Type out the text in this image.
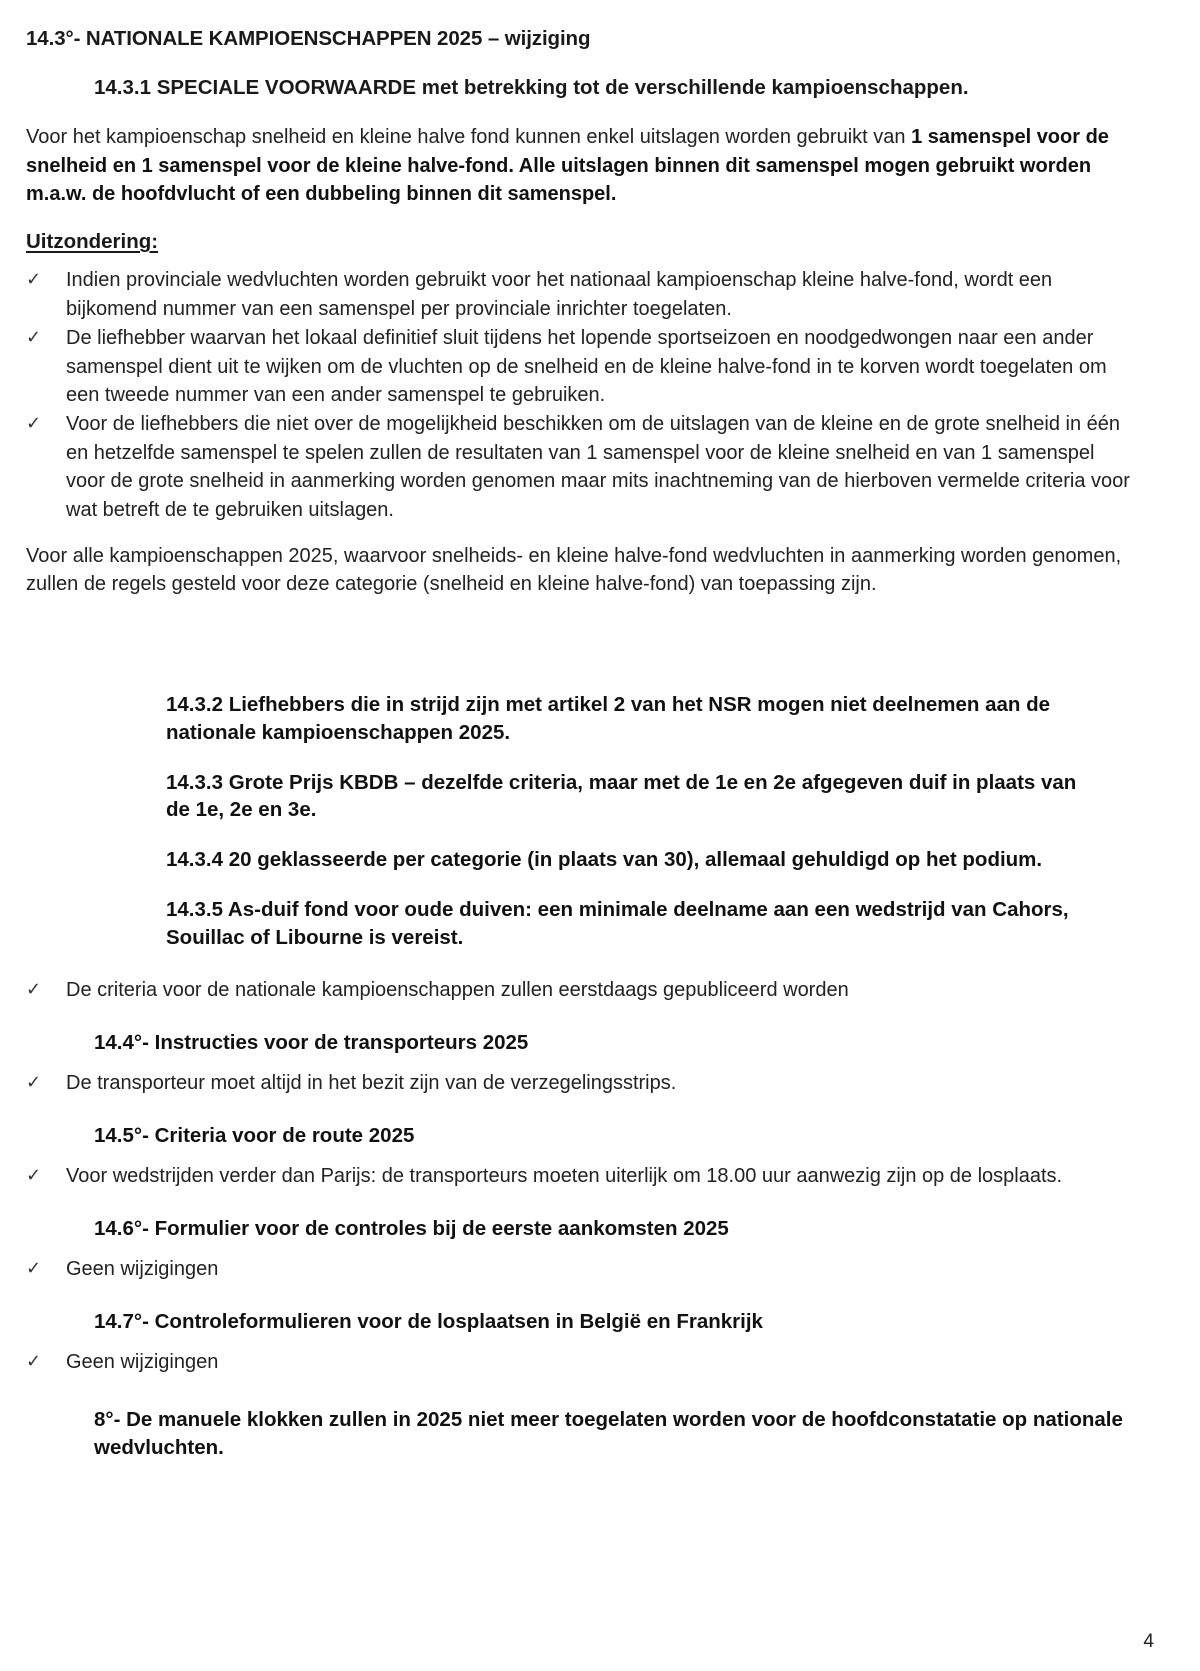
14.3°- NATIONALE KAMPIOENSCHAPPEN 2025 – wijziging
14.3.1 SPECIALE VOORWAARDE met betrekking tot de verschillende kampioenschappen.

Voor het kampioenschap snelheid en kleine halve fond kunnen enkel uitslagen worden gebruikt van 1 samenspel voor de snelheid en 1 samenspel voor de kleine halve-fond. Alle uitslagen binnen dit samenspel mogen gebruikt worden m.a.w. de hoofdvlucht of een dubbeling binnen dit samenspel.

Uitzondering:

✓ Indien provinciale wedvluchten worden gebruikt voor het nationaal kampioenschap kleine halve-fond, wordt een bijkomend nummer van een samenspel per provinciale inrichter toegelaten.
✓ De liefhebber waarvan het lokaal definitief sluit tijdens het lopende sportseizoen en noodgedwongen naar een ander samenspel dient uit te wijken om de vluchten op de snelheid en de kleine halve-fond in te korven wordt toegelaten om een tweede nummer van een ander samenspel te gebruiken.
✓ Voor de liefhebbers die niet over de mogelijkheid beschikken om de uitslagen van de kleine en de grote snelheid in één en hetzelfde samenspel te spelen zullen de resultaten van 1 samenspel voor de kleine snelheid en van 1 samenspel voor de grote snelheid in aanmerking worden genomen maar mits inachtneming van de hierboven vermelde criteria voor wat betreft de te gebruiken uitslagen.

Voor alle kampioenschappen 2025, waarvoor snelheids- en kleine halve-fond wedvluchten in aanmerking worden genomen, zullen de regels gesteld voor deze categorie (snelheid en kleine halve-fond) van toepassing zijn.

14.3.2 Liefhebbers die in strijd zijn met artikel 2 van het NSR mogen niet deelnemen aan de nationale kampioenschappen 2025.

14.3.3 Grote Prijs KBDB – dezelfde criteria, maar met de 1e en 2e afgegeven duif in plaats van de 1e, 2e en 3e.

14.3.4 20 geklasseerde per categorie (in plaats van 30), allemaal gehuldigd op het podium.

14.3.5 As-duif fond voor oude duiven: een minimale deelname aan een wedstrijd van Cahors, Souillac of Libourne is vereist.

✓ De criteria voor de nationale kampioenschappen zullen eerstdaags gepubliceerd worden
14.4°- Instructies voor de transporteurs 2025
✓ De transporteur moet altijd in het bezit zijn van de verzegelingsstrips.
14.5°- Criteria voor de route 2025
✓ Voor wedstrijden verder dan Parijs: de transporteurs moeten uiterlijk om 18.00 uur aanwezig zijn op de losplaats.
14.6°- Formulier voor de controles bij de eerste aankomsten 2025
✓ Geen wijzigingen
14.7°- Controleformulieren voor de losplaatsen in België en Frankrijk
✓ Geen wijzigingen

8°- De manuele klokken zullen in 2025 niet meer toegelaten worden voor de hoofdconstatatie op nationale wedvluchten.

4
